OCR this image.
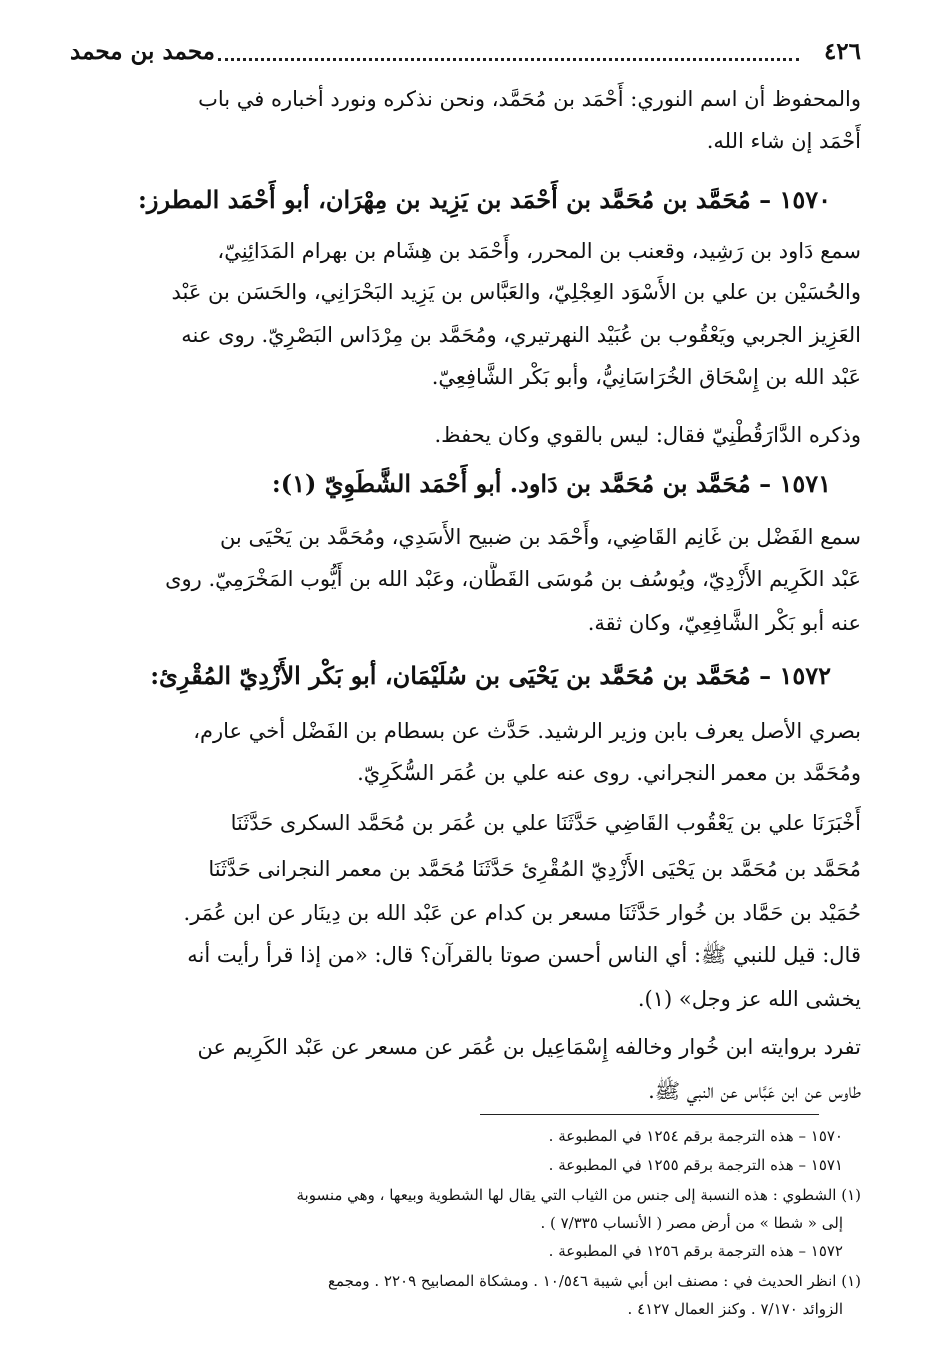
٤٢٦
محمد بن محمد
والمحفوظ أن اسم النوري: أَحْمَد بن مُحَمَّد، ونحن نذكره ونورد أخباره في باب
أَحْمَد إن شاء الله.
١٥٧٠ – مُحَمَّد بن مُحَمَّد بن أَحْمَد بن يَزِيد بن مِهْرَان، أبو أَحْمَد المطرز:
سمع دَاود بن رَشِيد، وقعنب بن المحرر، وأَحْمَد بن هِشَام بن بهرام المَدَائِنِيّ،
والحُسَيْن بن علي بن الأَسْوَد العِجْلِيّ، والعَبَّاس بن يَزِيد البَحْرَانِي، والحَسَن بن عَبْد
العَزِيز الجربي ويَعْقُوب بن عُبَيْد النهرتيري، ومُحَمَّد بن مِرْدَاس البَصْرِيّ. روى عنه
عَبْد الله بن إِسْحَاق الخُرَاسَانِيُّ، وأبو بَكْر الشَّافِعِيّ.
وذكره الدَّارَقُطْنِيّ فقال: ليس بالقوي وكان يحفظ.
١٥٧١ – مُحَمَّد بن مُحَمَّد بن دَاود. أبو أَحْمَد الشَّطَوِيّ (١):
سمع الفَضْل بن غَانِم القَاضِي، وأَحْمَد بن ضبيح الأَسَدِي، ومُحَمَّد بن يَحْيَى بن
عَبْد الكَرِيم الأَزْدِيّ، ويُوسُف بن مُوسَى القَطَّان، وعَبْد الله بن أَيُّوب المَخْرَمِيّ. روى
عنه أبو بَكْر الشَّافِعِيّ، وكان ثقة.
١٥٧٢ – مُحَمَّد بن مُحَمَّد بن يَحْيَى بن سُلَيْمَان، أبو بَكْر الأَزْدِيّ المُقْرِئ:
بصري الأصل يعرف بابن وزير الرشيد. حَدَّث عن بسطام بن الفَضْل أخي عارم،
ومُحَمَّد بن معمر النجراني. روى عنه علي بن عُمَر السُّكَرِيّ.
أَخْبَرَنَا علي بن يَعْقُوب القَاضِي حَدَّثَنَا علي بن عُمَر بن مُحَمَّد السكرى حَدَّثَنَا
مُحَمَّد بن مُحَمَّد بن يَحْيَى الأَزْدِيّ المُقْرِئ حَدَّثَنَا مُحَمَّد بن معمر النجرانى حَدَّثَنَا
حُمَيْد بن حَمَّاد بن خُوار حَدَّثَنَا مسعر بن كدام عن عَبْد الله بن دِينَار عن ابن عُمَر.
قال: قيل للنبي ﷺ: أي الناس أحسن صوتا بالقرآن؟ قال: «من إذا قرأ رأيت أنه
يخشى الله عز وجل» (١).
تفرد بروايته ابن خُوار وخالفه إِسْمَاعِيل بن عُمَر عن مسعر عن عَبْد الكَرِيم عن
طاوس عن ابن عَبَّاس عن النبي ﷺ.
١٥٧٠ – هذه الترجمة برقم ١٢٥٤ في المطبوعة .
١٥٧١ – هذه الترجمة برقم ١٢٥٥ في المطبوعة .
(١) الشطوي : هذه النسبة إلى جنس من الثياب التي يقال لها الشطوية وبيعها ، وهي منسوبة
إلى « شطا » من أرض مصر ( الأنساب ٧/٣٣٥ ) .
١٥٧٢ – هذه الترجمة برقم ١٢٥٦ في المطبوعة .
(١) انظر الحديث في : مصنف ابن أبي شيبة ١٠/٥٤٦ . ومشكاة المصابيح ٢٢٠٩ . ومجمع
الزوائد ٧/١٧٠ . وكنز العمال ٤١٢٧ .
